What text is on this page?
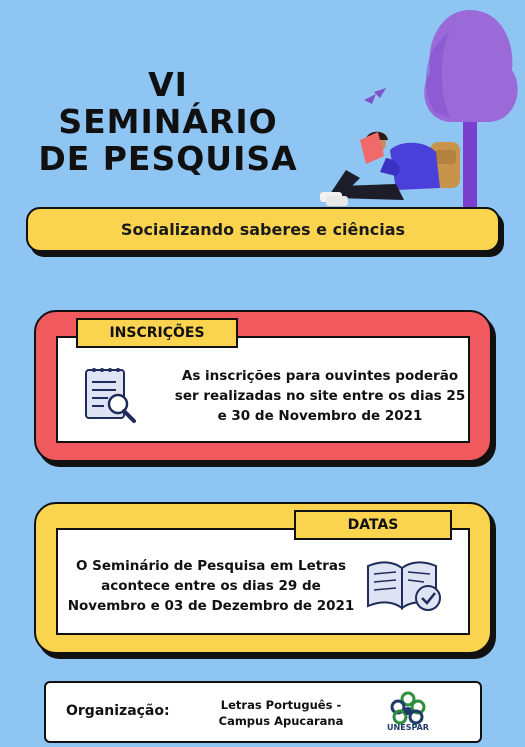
VI
SEMINÁRIO
DE PESQUISA
Socializando saberes e ciências
INSCRIÇÕES
As inscrições para ouvintes poderão
ser realizadas no site entre os dias 25
e 30 de Novembro de 2021
DATAS
O Seminário de Pesquisa em Letras
acontece entre os dias 29 de
Novembro e 03 de Dezembro de 2021
Organização:	Letras Português -
Campus Apucarana	UNESPAR
